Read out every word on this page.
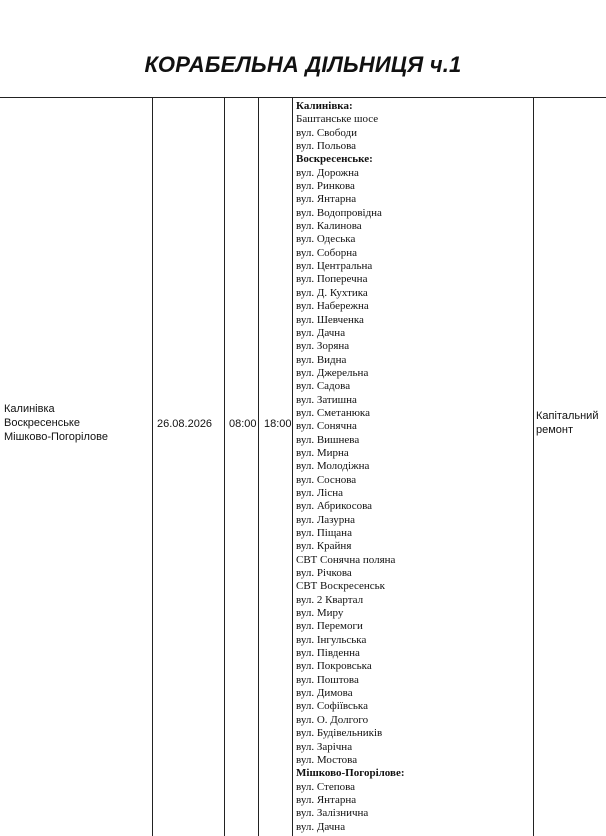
КОРАБЕЛЬНА ДІЛЬНИЦЯ ч.1
Калинівка
Воскресенське
Мішково-Погорілове
26.08.2026 08:00 18:00
Капітальний ремонт
Калинівка:
Баштанське шосе
вул. Свободи
вул. Польова
Воскресенське:
вул. Дорожна
вул. Ринкова
вул. Янтарна
вул. Водопровідна
вул. Калинова
вул. Одеська
вул. Соборна
вул. Центральна
вул. Поперечна
вул. Д. Кухтика
вул. Набережна
вул. Шевченка
вул. Дачна
вул. Зоряна
вул. Видна
вул. Джерельна
вул. Садова
вул. Затишна
вул. Сметанюка
вул. Сонячна
вул. Вишнева
вул. Мирна
вул. Молодіжна
вул. Соснова
вул. Лісна
вул. Абрикосова
вул. Лазурна
вул. Піщана
вул. Крайня
СВТ Сонячна поляна
вул. Річкова
СВТ Воскресенськ
вул. 2 Квартал
вул. Миру
вул. Перемоги
вул. Інгульська
вул. Південна
вул. Покровська
вул. Поштова
вул. Димова
вул. Софіївська
вул. О. Долгого
вул. Будівельників
вул. Зарічна
вул. Мостова
Мішково-Погорілове:
вул. Степова
вул. Янтарна
вул. Залізнична
вул. Дачна
